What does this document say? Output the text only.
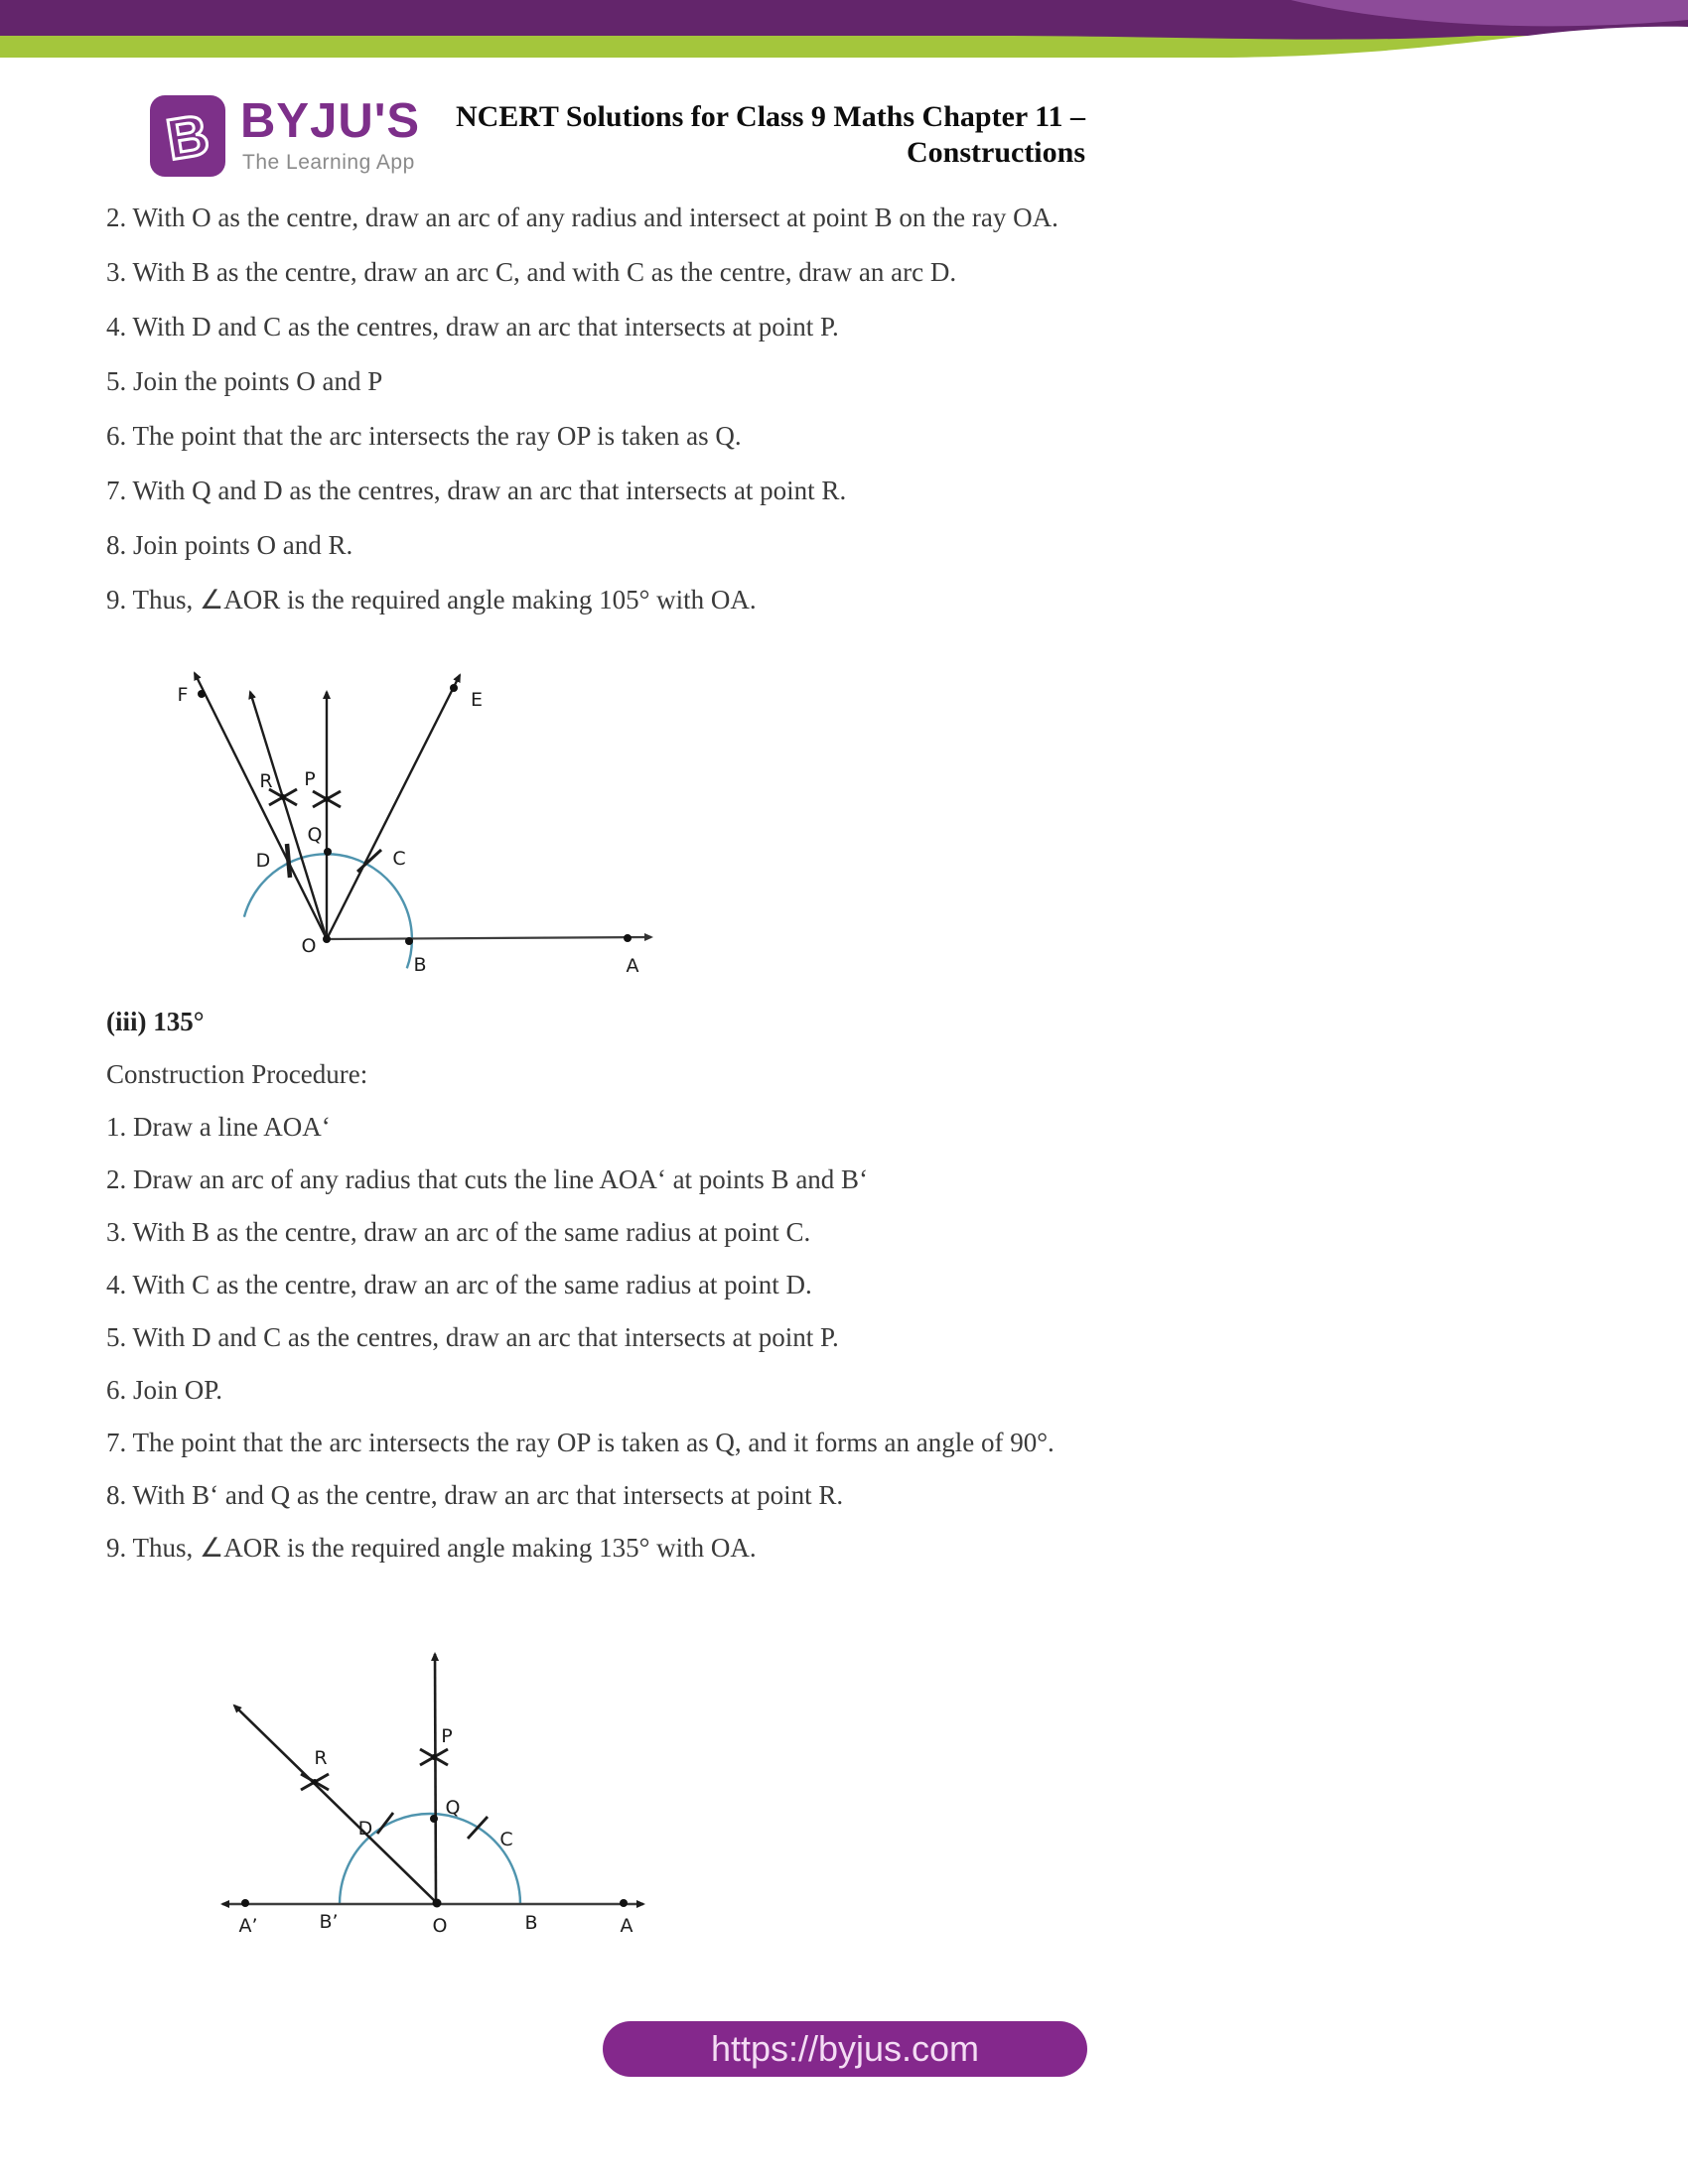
B BYJU'S
The Learning App
NCERT Solutions for Class 9 Maths Chapter 11 –
Constructions
2. With O as the centre, draw an arc of any radius and intersect at point B on the ray OA.
3. With B as the centre, draw an arc C, and with C as the centre, draw an arc D.
4. With D and C as the centres, draw an arc that intersects at point P.
5. Join the points O and P
6. The point that the arc intersects the ray OP is taken as Q.
7. With Q and D as the centres, draw an arc that intersects at point R.
8. Join points O and R.
9. Thus, ∠AOR is the required angle making 105° with OA.
F	E
R P
Q
D	C
O
B	A
(iii) 135°
Construction Procedure:
1. Draw a line AOA‘
2. Draw an arc of any radius that cuts the line AOA‘ at points B and B‘
3. With B as the centre, draw an arc of the same radius at point C.
4. With C as the centre, draw an arc of the same radius at point D.
5. With D and C as the centres, draw an arc that intersects at point P.
6. Join OP.
7. The point that the arc intersects the ray OP is taken as Q, and it forms an angle of 90°.
8. With B‘ and Q as the centre, draw an arc that intersects at point R.
9. Thus, ∠AOR is the required angle making 135° with OA.
P
R
Q
D	C
A’	B’	O	B	A
https://byjus.com
